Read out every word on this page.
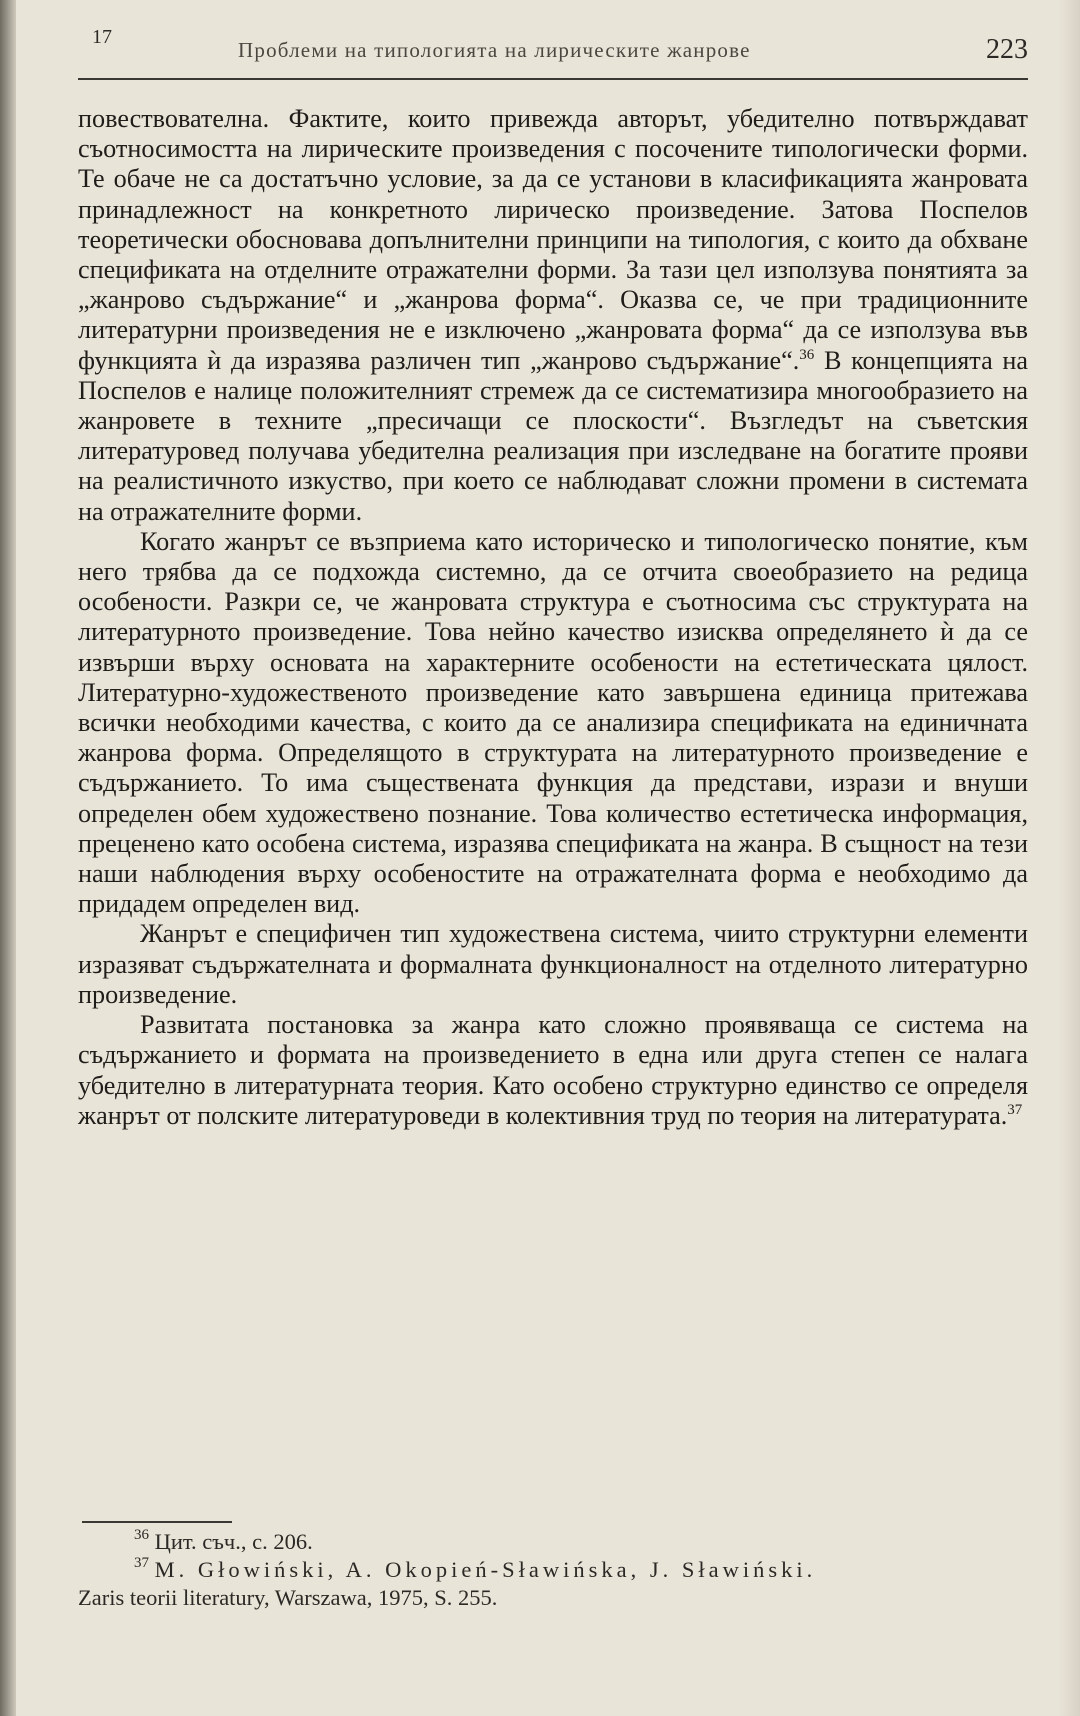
17
Проблеми на типологията на лирическите жанрове	223

повествователна. Фактите, които привежда авторът, убедително потвърждават съотносимостта на лирическите произведения с посочените типологически форми. Те обаче не са достатъчно условие, за да се установи в класификацията жанровата принадлежност на конкретното лирическо произведение. Затова Поспелов теоретически обосновава допълнителни принципи на типология, с които да обхване спецификата на отделните отражателни форми. За тази цел използува понятията за „жанрово съдържание“ и „жанрова форма“. Оказва се, че при традиционните литературни произведения не е изключено „жанровата форма“ да се използува във функцията ѝ да изразява различен тип „жанрово съдържание“.$^{36}$ В концепцията на Поспелов е налице положителният стремеж да се систематизира многообразието на жанровете в техните „пресичащи се плоскости“. Възгледът на съветския литературовед получава убедителна реализация при изследване на богатите прояви на реалистичното изкуство, при което се наблюдават сложни промени в системата на отражателните форми.

Когато жанрът се възприема като историческо и типологическо понятие, към него трябва да се подхожда системно, да се отчита своеобразието на редица особености. Разкри се, че жанровата структура е съотносима със структурата на литературното произведение. Това нейно качество изисква определянето ѝ да се извърши върху основата на характерните особености на естетическата цялост. Литературно-художественото произведение като завършена единица притежава всички необходими качества, с които да се анализира спецификата на единичната жанрова форма. Определящото в структурата на литературното произведение е съдържанието. То има съществената функция да представи, изрази и внуши определен обем художествено познание. Това количество естетическа информация, преценено като особена система, изразява спецификата на жанра. В същност на тези наши наблюдения върху особеностите на отражателната форма е необходимо да придадем определен вид.

Жанрът е специфичен тип художествена система, чиито структурни елементи изразяват съдържателната и формалната функционалност на отделното литературно произведение.

Развитата постановка за жанра като сложно проявяваща се система на съдържанието и формата на произведението в една или друга степен се налага убедително в литературната теория. Като особено структурно единство се определя жанрът от полските литературоведи в колективния труд по теория на литературата.$^{37}$

$^{36}$ Цит. съч., с. 206.

$^{37}$ M. Głowiński, A. Okopień-Sławińska, J. Sławiński.

Zaris teorii literatury, Warszawa, 1975, S. 255.
